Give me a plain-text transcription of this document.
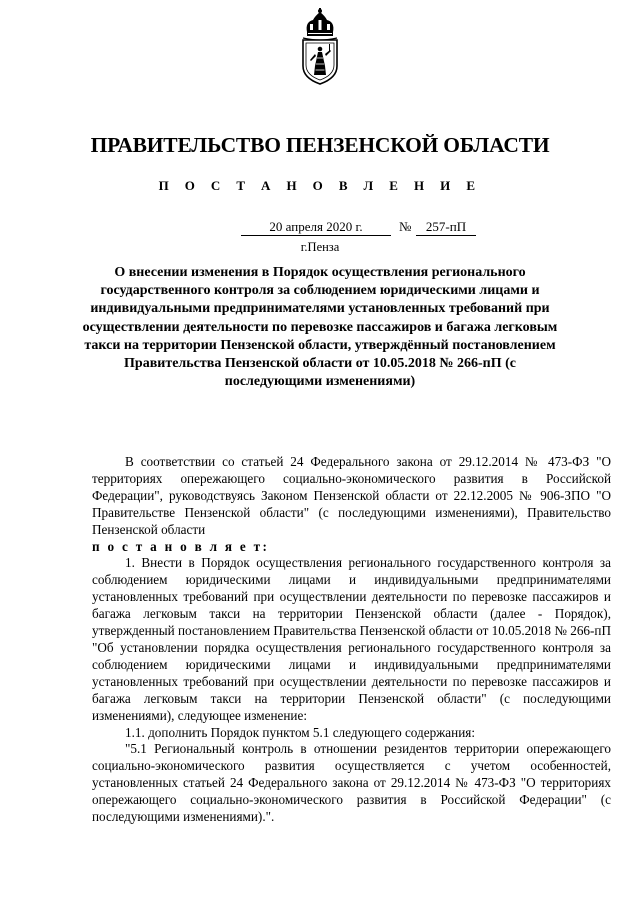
ПРАВИТЕЛЬСТВО ПЕНЗЕНСКОЙ ОБЛАСТИ
П О С Т А Н О В Л Е Н И Е
20 апреля 2020 г.	№	257-пП
г.Пенза
О внесении изменения в Порядок осуществления регионального государственного контроля за соблюдением юридическими лицами и индивидуальными предпринимателями установленных требований при осуществлении деятельности по перевозке пассажиров и багажа легковым такси на территории Пензенской области, утверждённый постановлением Правительства Пензенской области от 10.05.2018 № 266-пП (с последующими изменениями)

В соответствии со статьей 24 Федерального закона от 29.12.2014 № 473-ФЗ "О территориях опережающего социально-экономического развития в Российской Федерации", руководствуясь Законом Пензенской области от 22.12.2005 № 906-ЗПО "О Правительстве Пензенской области" (с последующими изменениями), Правительство Пензенской области

п о с т а н о в л я е т:

1. Внести в Порядок осуществления регионального государственного контроля за соблюдением юридическими лицами и индивидуальными предпринимателями установленных требований при осуществлении деятельности по перевозке пассажиров и багажа легковым такси на территории Пензенской области (далее - Порядок), утвержденный постановлением Правительства Пензенской области от 10.05.2018 № 266-пП "Об установлении порядка осуществления регионального государственного контроля за соблюдением юридическими лицами и индивидуальными предпринимателями установленных требований при осуществлении деятельности по перевозке пассажиров и багажа легковым такси на территории Пензенской области" (с последующими изменениями), следующее изменение:

1.1. дополнить Порядок пунктом 5.1 следующего содержания:

"5.1 Региональный контроль в отношении резидентов территории опережающего социально-экономического развития осуществляется с учетом особенностей, установленных статьей 24 Федерального закона от 29.12.2014 № 473-ФЗ "О территориях опережающего социально-экономического развития в Российской Федерации" (с последующими изменениями).".
